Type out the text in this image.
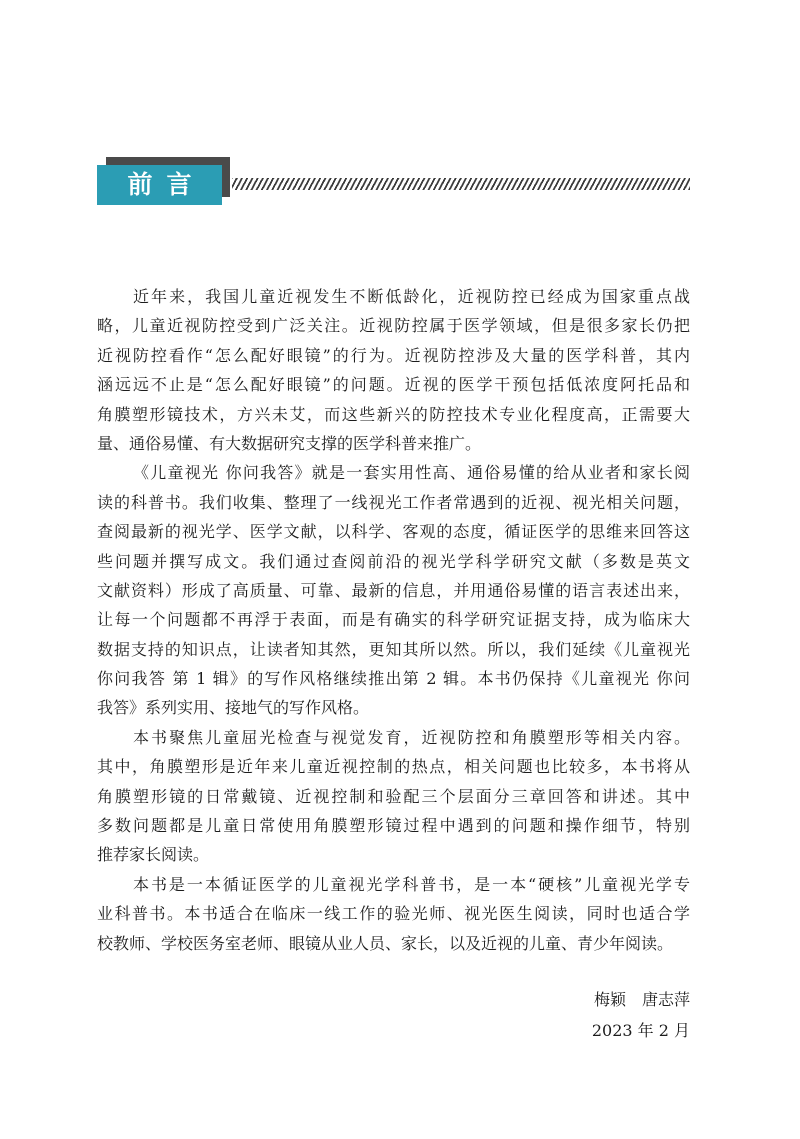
前言
近年来，我国儿童近视发生不断低龄化，近视防控已经成为国家重点战
略，儿童近视防控受到广泛关注。近视防控属于医学领域，但是很多家长仍把
近视防控看作“怎么配好眼镜”的行为。近视防控涉及大量的医学科普，其内
涵远远不止是“怎么配好眼镜”的问题。近视的医学干预包括低浓度阿托品和
角膜塑形镜技术，方兴未艾，而这些新兴的防控技术专业化程度高，正需要大
量、通俗易懂、有大数据研究支撑的医学科普来推广。
《儿童视光 你问我答》就是一套实用性高、通俗易懂的给从业者和家长阅
读的科普书。我们收集、整理了一线视光工作者常遇到的近视、视光相关问题，
查阅最新的视光学、医学文献，以科学、客观的态度，循证医学的思维来回答这
些问题并撰写成文。我们通过查阅前沿的视光学科学研究文献（多数是英文
文献资料）形成了高质量、可靠、最新的信息，并用通俗易懂的语言表述出来，
让每一个问题都不再浮于表面，而是有确实的科学研究证据支持，成为临床大
数据支持的知识点，让读者知其然，更知其所以然。所以，我们延续《儿童视光
你问我答 第 1 辑》的写作风格继续推出第 2 辑。本书仍保持《儿童视光 你问
我答》系列实用、接地气的写作风格。
本书聚焦儿童屈光检查与视觉发育，近视防控和角膜塑形等相关内容。
其中，角膜塑形是近年来儿童近视控制的热点，相关问题也比较多，本书将从
角膜塑形镜的日常戴镜、近视控制和验配三个层面分三章回答和讲述。其中
多数问题都是儿童日常使用角膜塑形镜过程中遇到的问题和操作细节，特别
推荐家长阅读。
本书是一本循证医学的儿童视光学科普书，是一本“硬核”儿童视光学专
业科普书。本书适合在临床一线工作的验光师、视光医生阅读，同时也适合学
校教师、学校医务室老师、眼镜从业人员、家长，以及近视的儿童、青少年阅读。
梅颖　唐志萍
2023 年 2 月
